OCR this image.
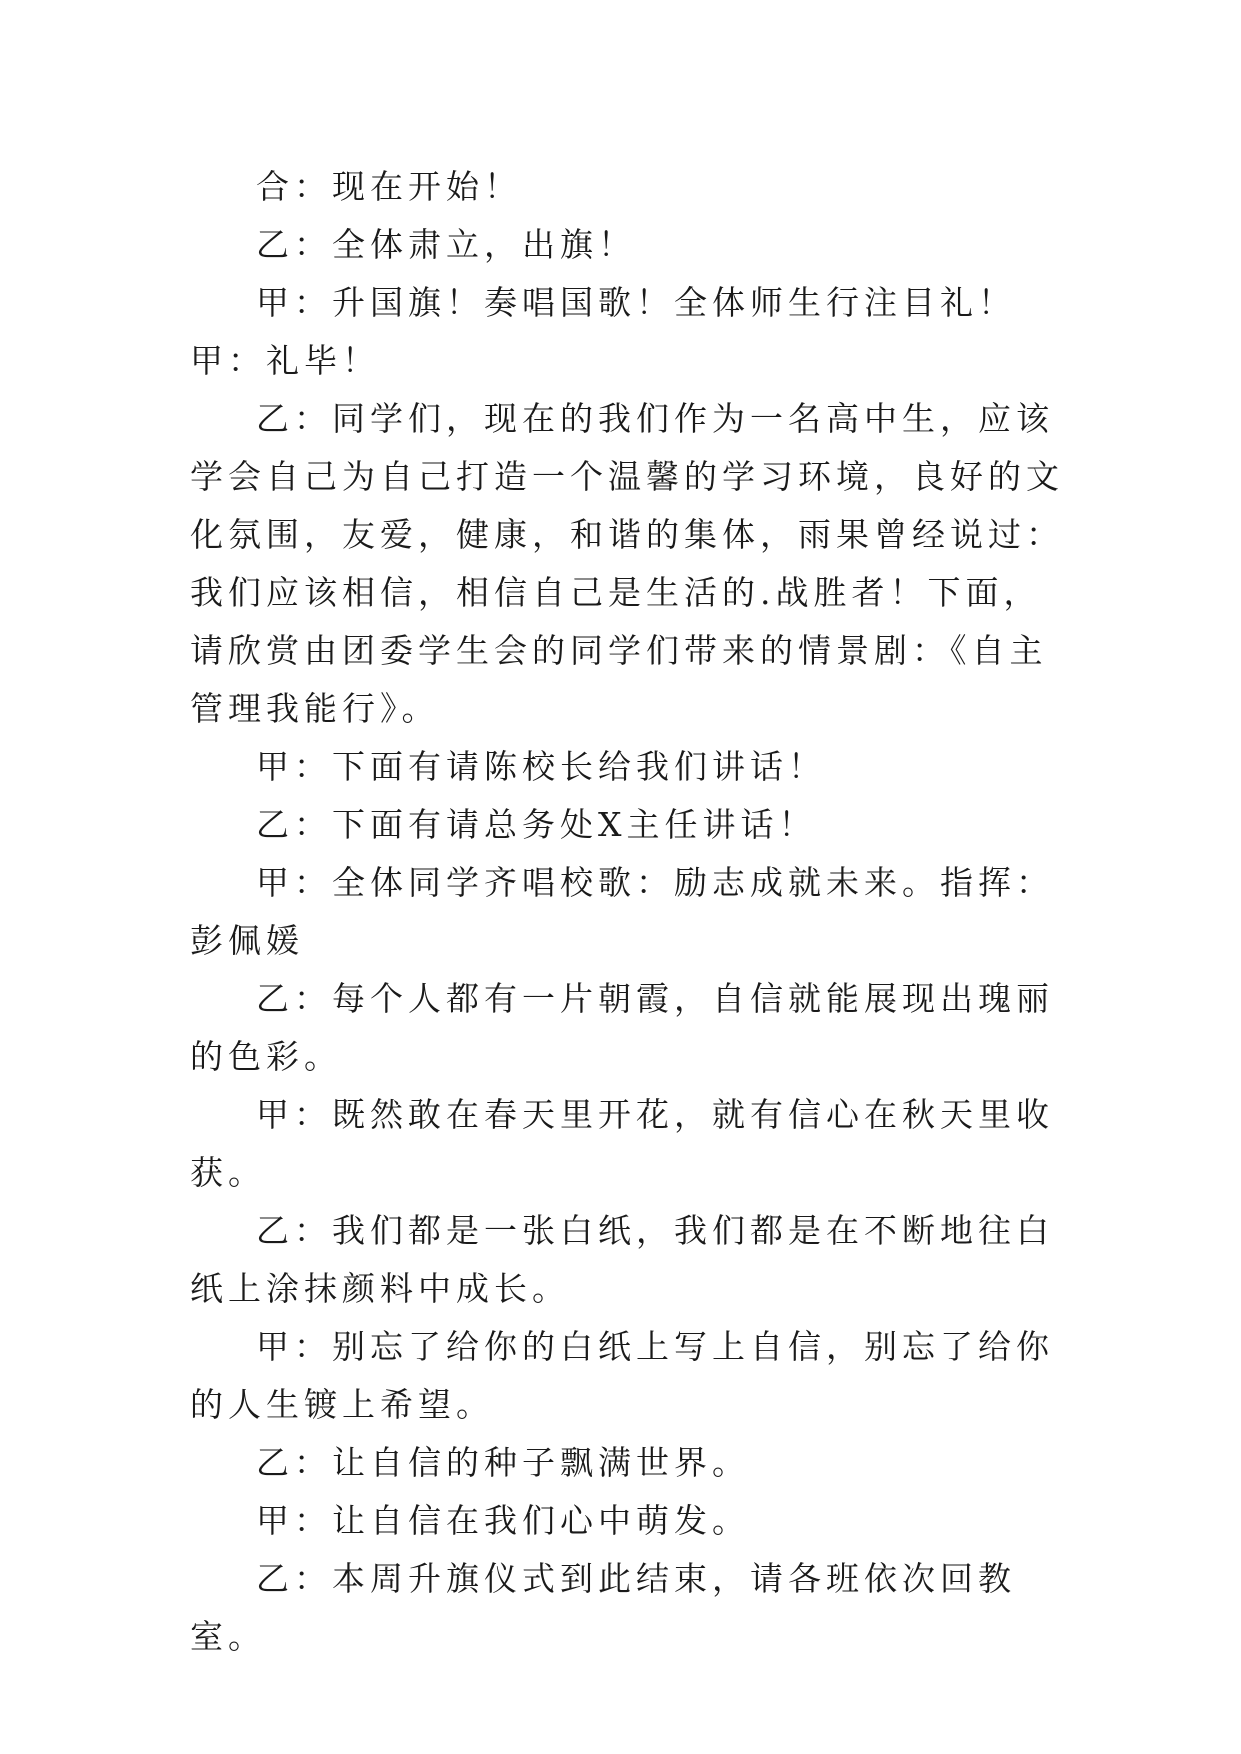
合：现在开始！

乙：全体肃立，出旗！

甲：升国旗！奏唱国歌！全体师生行注目礼！甲：礼毕！

乙：同学们，现在的我们作为一名高中生，应该学会自己为自己打造一个温馨的学习环境，良好的文化氛围，友爱，健康，和谐的集体，雨果曾经说过：我们应该相信，相信自己是生活的.战胜者！下面，请欣赏由团委学生会的同学们带来的情景剧：《自主管理我能行》。

甲：下面有请陈校长给我们讲话！

乙：下面有请总务处X主任讲话！

甲：全体同学齐唱校歌：励志成就未来。指挥：彭佩媛

乙：每个人都有一片朝霞，自信就能展现出瑰丽的色彩。

甲：既然敢在春天里开花，就有信心在秋天里收获。

乙：我们都是一张白纸，我们都是在不断地往白纸上涂抹颜料中成长。

甲：别忘了给你的白纸上写上自信，别忘了给你的人生镀上希望。

乙：让自信的种子飘满世界。

甲：让自信在我们心中萌发。

乙：本周升旗仪式到此结束，请各班依次回教室。
